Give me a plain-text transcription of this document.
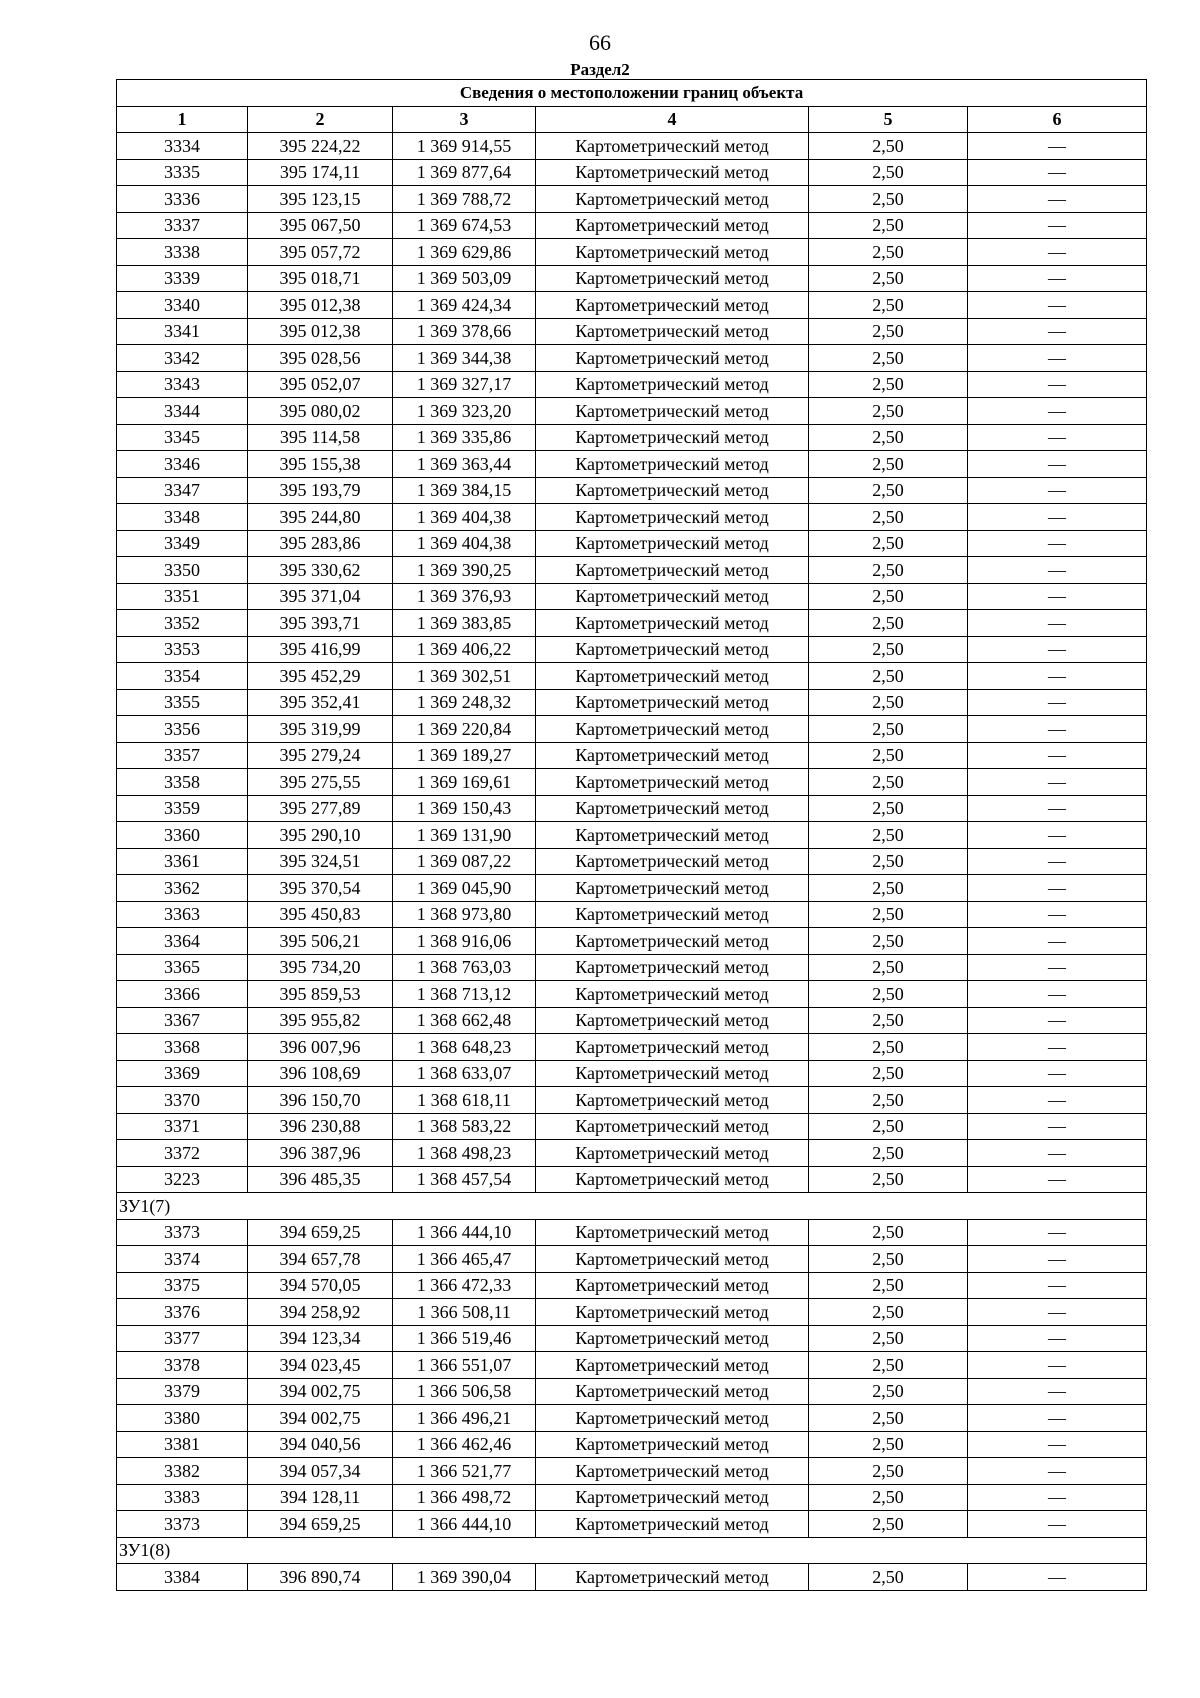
66
Раздел2
Сведения о местоположении границ объекта					
1	2	3	4	5	6
3334	395 224,22	1 369 914,55	Картометрический метод	2,50	—
3335	395 174,11	1 369 877,64	Картометрический метод	2,50	—
3336	395 123,15	1 369 788,72	Картометрический метод	2,50	—
3337	395 067,50	1 369 674,53	Картометрический метод	2,50	—
3338	395 057,72	1 369 629,86	Картометрический метод	2,50	—
3339	395 018,71	1 369 503,09	Картометрический метод	2,50	—
3340	395 012,38	1 369 424,34	Картометрический метод	2,50	—
3341	395 012,38	1 369 378,66	Картометрический метод	2,50	—
3342	395 028,56	1 369 344,38	Картометрический метод	2,50	—
3343	395 052,07	1 369 327,17	Картометрический метод	2,50	—
3344	395 080,02	1 369 323,20	Картометрический метод	2,50	—
3345	395 114,58	1 369 335,86	Картометрический метод	2,50	—
3346	395 155,38	1 369 363,44	Картометрический метод	2,50	—
3347	395 193,79	1 369 384,15	Картометрический метод	2,50	—
3348	395 244,80	1 369 404,38	Картометрический метод	2,50	—
3349	395 283,86	1 369 404,38	Картометрический метод	2,50	—
3350	395 330,62	1 369 390,25	Картометрический метод	2,50	—
3351	395 371,04	1 369 376,93	Картометрический метод	2,50	—
3352	395 393,71	1 369 383,85	Картометрический метод	2,50	—
3353	395 416,99	1 369 406,22	Картометрический метод	2,50	—
3354	395 452,29	1 369 302,51	Картометрический метод	2,50	—
3355	395 352,41	1 369 248,32	Картометрический метод	2,50	—
3356	395 319,99	1 369 220,84	Картометрический метод	2,50	—
3357	395 279,24	1 369 189,27	Картометрический метод	2,50	—
3358	395 275,55	1 369 169,61	Картометрический метод	2,50	—
3359	395 277,89	1 369 150,43	Картометрический метод	2,50	—
3360	395 290,10	1 369 131,90	Картометрический метод	2,50	—
3361	395 324,51	1 369 087,22	Картометрический метод	2,50	—
3362	395 370,54	1 369 045,90	Картометрический метод	2,50	—
3363	395 450,83	1 368 973,80	Картометрический метод	2,50	—
3364	395 506,21	1 368 916,06	Картометрический метод	2,50	—
3365	395 734,20	1 368 763,03	Картометрический метод	2,50	—
3366	395 859,53	1 368 713,12	Картометрический метод	2,50	—
3367	395 955,82	1 368 662,48	Картометрический метод	2,50	—
3368	396 007,96	1 368 648,23	Картометрический метод	2,50	—
3369	396 108,69	1 368 633,07	Картометрический метод	2,50	—
3370	396 150,70	1 368 618,11	Картометрический метод	2,50	—
3371	396 230,88	1 368 583,22	Картометрический метод	2,50	—
3372	396 387,96	1 368 498,23	Картометрический метод	2,50	—
3223	396 485,35	1 368 457,54	Картометрический метод	2,50	—
ЗУ1(7)					
3373	394 659,25	1 366 444,10	Картометрический метод	2,50	—
3374	394 657,78	1 366 465,47	Картометрический метод	2,50	—
3375	394 570,05	1 366 472,33	Картометрический метод	2,50	—
3376	394 258,92	1 366 508,11	Картометрический метод	2,50	—
3377	394 123,34	1 366 519,46	Картометрический метод	2,50	—
3378	394 023,45	1 366 551,07	Картометрический метод	2,50	—
3379	394 002,75	1 366 506,58	Картометрический метод	2,50	—
3380	394 002,75	1 366 496,21	Картометрический метод	2,50	—
3381	394 040,56	1 366 462,46	Картометрический метод	2,50	—
3382	394 057,34	1 366 521,77	Картометрический метод	2,50	—
3383	394 128,11	1 366 498,72	Картометрический метод	2,50	—
3373	394 659,25	1 366 444,10	Картометрический метод	2,50	—
ЗУ1(8)					
3384	396 890,74	1 369 390,04	Картометрический метод	2,50	—
